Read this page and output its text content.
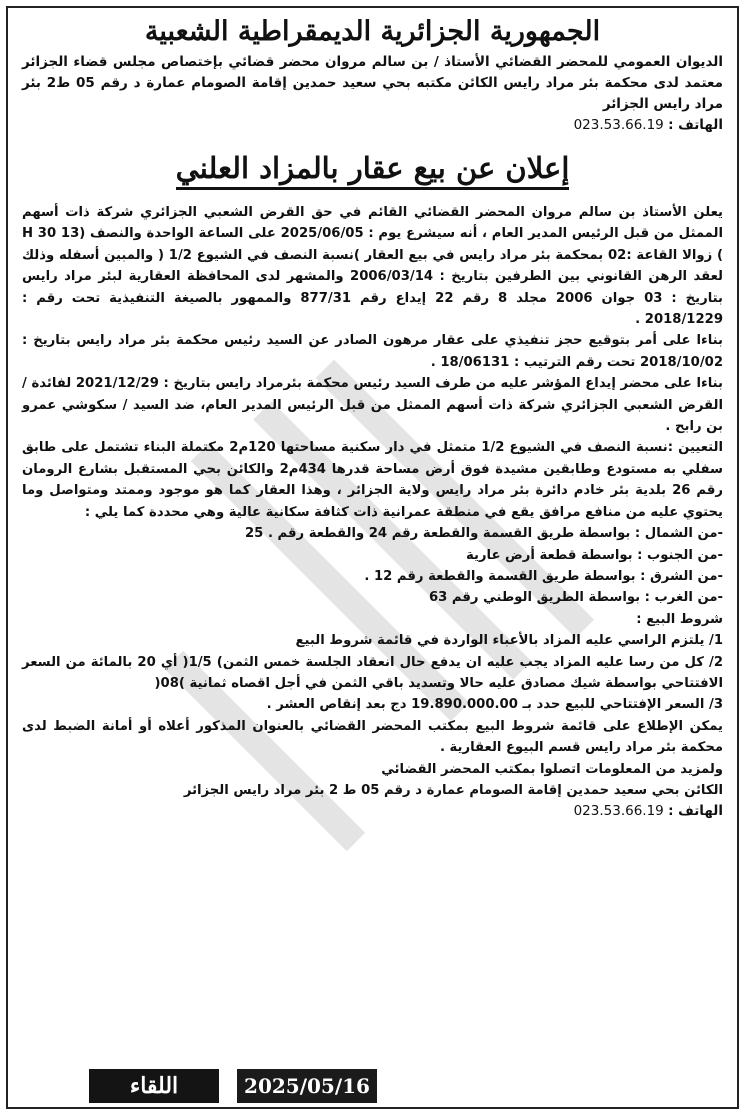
الجمهورية الجزائرية الديمقراطية الشعبية
الديوان العمومي للمحضر القضائي الأستاذ / بن سالم مروان محضر قضائي بإختصاص مجلس قضاء الجزائر معتمد لدى محكمة بئر مراد رايس الكائن مكتبه بحي سعيد حمدين إقامة الصومام عمارة د رقم 05 ط2 بئر مراد رايس الجزائر
الهاتف : 023.53.66.19
إعلان عن بيع عقار بالمزاد العلني
يعلن الأستاذ بن سالم مروان المحضر القضائي القائم في حق القرض الشعبي الجزائري شركة ذات أسهم الممثل من قبل الرئيس المدير العام ، أنه سيشرع يوم : 2025/06/05 على الساعة الواحدة والنصف (H 30 13 ) زوالا القاعة :02 بمحكمة بئر مراد رايس في بيع العقار )نسبة النصف في الشيوع 1/2 ( والمبين أسفله وذلك لعقد الرهن القانوني بين الطرفين بتاريخ : 2006/03/14 والمشهر لدى المحافظة العقارية لبئر مراد رايس بتاريخ : 03 جوان 2006 مجلد 8 رقم 22 إيداع رقم 877/31 والممهور بالصيغة التنفيذية تحت رقم : 2018/1229 .
بناءا على أمر بتوقيع حجز تنفيذي على عقار مرهون الصادر عن السيد رئيس محكمة بئر مراد رايس بتاريخ : 2018/10/02 تحت رقم الترتيب : 18/06131 .
بناءا على محضر إيداع المؤشر عليه من طرف السيد رئيس محكمة بئرمراد رايس بتاريخ : 2021/12/29 لفائدة / القرض الشعبي الجزائري شركة ذات أسهم الممثل من قبل الرئيس المدير العام، ضد السيد / سكوشي عمرو بن رابح .
التعيين :نسبة النصف في الشيوع 1/2 متمثل في دار سكنية مساحتها 120م2 مكتملة البناء تشتمل على طابق سفلي به مستودع وطابقين مشيدة فوق أرض مساحة قدرها 434م2 والكائن بحي المستقبل بشارع الرومان رقم 26 بلدية بئر خادم دائرة بئر مراد رايس ولاية الجزائر ، وهذا العقار كما هو موجود وممتد ومتواصل وما يحتوي عليه من منافع مرافق يقع في منطقة عمرانية ذات كثافة سكانية عالية وهي محددة كما يلي :
-من الشمال : بواسطة طريق القسمة والقطعة رقم 24 والقطعة رقم . 25
-من الجنوب : بواسطة قطعة أرض عارية
-من الشرق : بواسطة طريق القسمة والقطعة رقم 12 .
-من الغرب : بواسطة الطريق الوطني رقم 63
شروط البيع :
1/ يلتزم الراسي عليه المزاد بالأعباء الواردة في قائمة شروط البيع
2/ كل من رسا عليه المزاد يجب عليه ان يدفع حال انعقاد الجلسة خمس الثمن) 1/5( أي 20 بالمائة من السعر الافتتاحي بواسطة شيك مصادق عليه حالا وتسديد باقي الثمن في أجل اقصاه ثمانية )08(
3/ السعر الإفتتاحي للبيع حدد بـ 19.890.000.00 دج بعد إنقاص العشر .
يمكن الإطلاع على قائمة شروط البيع بمكتب المحضر القضائي بالعنوان المذكور أعلاه أو أمانة الضبط لدى محكمة بئر مراد رايس قسم البيوع العقارية .
ولمزيد من المعلومات اتصلوا بمكتب المحضر القضائي
الكائن بحي سعيد حمدين إقامة الصومام عمارة د رقم 05 ط 2 بئر مراد رايس الجزائر
الهاتف : 023.53.66.19
اللقاء	2025/05/16
